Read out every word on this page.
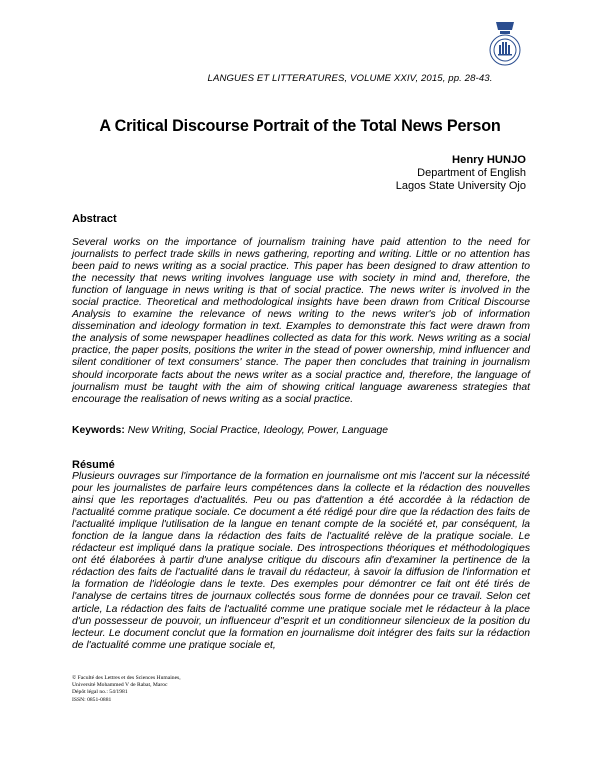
LANGUES ET LITTERATURES, VOLUME XXIV, 2015, pp. 28-43.
A Critical Discourse Portrait of the Total News Person
Henry HUNJO
Department of English
Lagos State University Ojo
Abstract
Several works on the importance of journalism training have paid attention to the need for journalists to perfect trade skills in news gathering, reporting and writing. Little or no attention has been paid to news writing as a social practice. This paper has been designed to draw attention to the necessity that news writing involves language use with society in mind and, therefore, the function of language in news writing is that of social practice. The news writer is involved in the social practice. Theoretical and methodological insights have been drawn from Critical Discourse Analysis to examine the relevance of news writing to the news writer's job of information dissemination and ideology formation in text. Examples to demonstrate this fact were drawn from the analysis of some newspaper headlines collected as data for this work. News writing as a social practice, the paper posits, positions the writer in the stead of power ownership, mind influencer and silent conditioner of text consumers' stance. The paper then concludes that training in journalism should incorporate facts about the news writer as a social practice and, therefore, the language of journalism must be taught with the aim of showing critical language awareness strategies that encourage the realisation of news writing as a social practice.
Keywords: New Writing, Social Practice, Ideology, Power, Language
Résumé
Plusieurs ouvrages sur l'importance de la formation en journalisme ont mis l'accent sur la nécessité pour les journalistes de parfaire leurs compétences dans la collecte et la rédaction des nouvelles ainsi que les reportages d'actualités. Peu ou pas d'attention a été accordée à la rédaction de l'actualité comme pratique sociale. Ce document a été rédigé pour dire que la rédaction des faits de l'actualité implique l'utilisation de la langue en tenant compte de la société et, par conséquent, la fonction de la langue dans la rédaction des faits de l'actualité relève de la pratique sociale. Le rédacteur est impliqué dans la pratique sociale. Des introspections théoriques et méthodologiques ont été élaborées à partir d'une analyse critique du discours afin d'examiner la pertinence de la rédaction des faits de l'actualité dans le travail du rédacteur, à savoir la diffusion de l'information et la formation de l'idéologie dans le texte. Des exemples pour démontrer ce fait ont été tirés de l'analyse de certains titres de journaux collectés sous forme de données pour ce travail. Selon cet article, La rédaction des faits de l'actualité comme une pratique sociale met le rédacteur à la place d'un possesseur de pouvoir, un influenceur d"esprit et un conditionneur silencieux de la position du lecteur. Le document conclut que la formation en journalisme doit intégrer des faits sur la rédaction de l'actualité comme une pratique sociale et,
© Faculté des Lettres et des Sciences Humaines,
Université Mohammed V de Rabat, Maroc
Dépôt légal no.: 54/1981
ISSN: 0851-0881
